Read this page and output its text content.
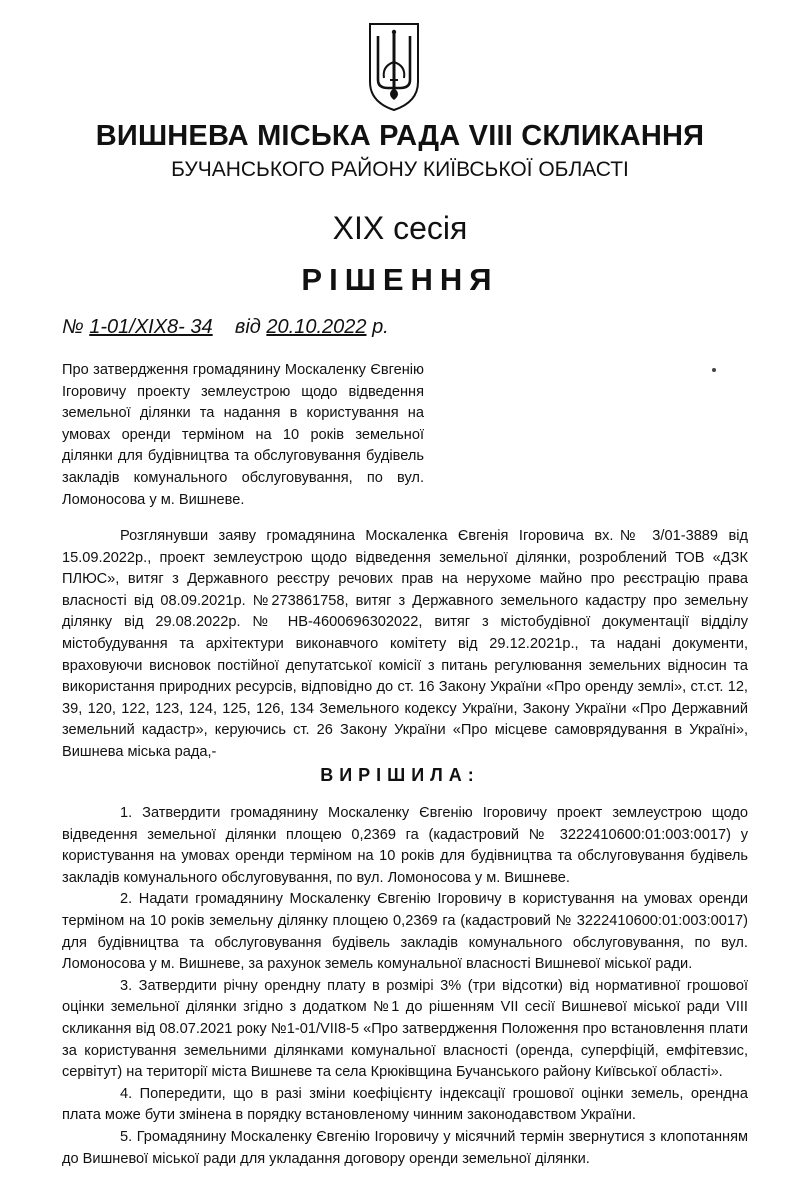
ВИШНЕВА МІСЬКА РАДА VIII СКЛИКАННЯ
БУЧАНСЬКОГО РАЙОНУ КИЇВСЬКОЇ ОБЛАСТІ
XIX сесія
РІШЕННЯ
№ 1-01/XIX8- 34 від 20.10.2022 р.
Про затвердження громадянину Москаленку Євгенію Ігоровичу проекту землеустрою щодо відведення земельної ділянки та надання в користування на умовах оренди терміном на 10 років земельної ділянки для будівництва та обслуговування будівель закладів комунального обслуговування, по вул. Ломоносова у м. Вишневе.

Розглянувши заяву громадянина Москаленка Євгенія Ігоровича вх.№ 3/01-3889 від 15.09.2022р., проект землеустрою щодо відведення земельної ділянки, розроблений ТОВ «ДЗК ПЛЮС», витяг з Державного реєстру речових прав на нерухоме майно про реєстрацію права власності від 08.09.2021р. №273861758, витяг з Державного земельного кадастру про земельну ділянку від 29.08.2022р. № НВ-4600696302022, витяг з містобудівної документації відділу містобудування та архітектури виконавчого комітету від 29.12.2021р., та надані документи, враховуючи висновок постійної депутатської комісії з питань регулювання земельних відносин та використання природних ресурсів, відповідно до ст. 16 Закону України «Про оренду землі», ст.ст. 12, 39, 120, 122, 123, 124, 125, 126, 134 Земельного кодексу України, Закону України «Про Державний земельний кадастр», керуючись ст. 26 Закону України «Про місцеве самоврядування в Україні», Вишнева міська рада,-

ВИРІШИЛА:

1. Затвердити громадянину Москаленку Євгенію Ігоровичу проект землеустрою щодо відведення земельної ділянки площею 0,2369 га (кадастровий № 3222410600:01:003:0017) у користування на умовах оренди терміном на 10 років для будівництва та обслуговування будівель закладів комунального обслуговування, по вул. Ломоносова у м. Вишневе.

2. Надати громадянину Москаленку Євгенію Ігоровичу в користування на умовах оренди терміном на 10 років земельну ділянку площею 0,2369 га (кадастровий № 3222410600:01:003:0017) для будівництва та обслуговування будівель закладів комунального обслуговування, по вул. Ломоносова у м. Вишневе, за рахунок земель комунальної власності Вишневої міської ради.

3. Затвердити річну орендну плату в розмірі 3% (три відсотки) від нормативної грошової оцінки земельної ділянки згідно з додатком №1 до рішенням VII сесії Вишневої міської ради VIII скликання від 08.07.2021 року №1-01/VII8-5 «Про затвердження Положення про встановлення плати за користування земельними ділянками комунальної власності (оренда, суперфіцій, емфітевзис, сервітут) на території міста Вишневе та села Крюківщина Бучанського району Київської області».

4. Попередити, що в разі зміни коефіцієнту індексації грошової оцінки земель, орендна плата може бути змінена в порядку встановленому чинним законодавством України.

5. Громадянину Москаленку Євгенію Ігоровичу у місячний термін звернутися з клопотанням до Вишневої міської ради для укладання договору оренди земельної ділянки.
